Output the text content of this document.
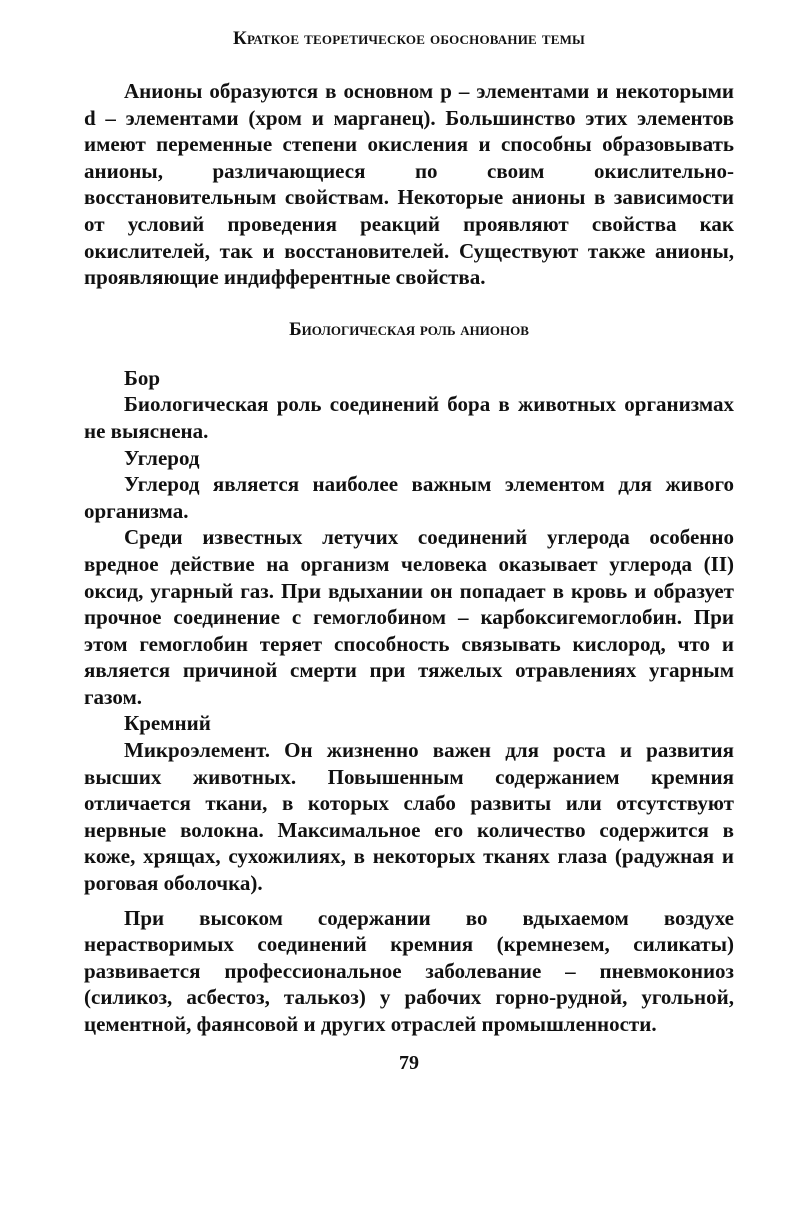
Краткое теоретическое обоснование темы

Анионы образуются в основном p – элементами и некоторыми d – элементами (хром и марганец). Большинство этих элементов имеют переменные степени окисления и способны образовывать анионы, различающиеся по своим окислительно-восстановительным свойствам. Некоторые анионы в зависимости от условий проведения реакций проявляют свойства как окислителей, так и восстановителей. Существуют также анионы, проявляющие индифферентные свойства.

Биологическая роль анионов
Бор

Биологическая роль соединений бора в животных организмах не выяснена.

Углерод

Углерод является наиболее важным элементом для живого организма.

Среди известных летучих соединений углерода особенно вредное действие на организм человека оказывает углерода (II) оксид, угарный газ. При вдыхании он попадает в кровь и образует прочное соединение с гемоглобином – карбоксигемоглобин. При этом гемоглобин теряет способность связывать кислород, что и является причиной смерти при тяжелых отравлениях угарным газом.

Кремний

Микроэлемент. Он жизненно важен для роста и развития высших животных. Повышенным содержанием кремния отличается ткани, в которых слабо развиты или отсутствуют нервные волокна. Максимальное его количество содержится в коже, хрящах, сухожилиях, в некоторых тканях глаза (радужная и роговая оболочка).

При высоком содержании во вдыхаемом воздухе нерастворимых соединений кремния (кремнезем, силикаты) развивается профессиональное заболевание – пневмокониоз (силикоз, асбестоз, талькоз) у рабочих горно-рудной, угольной, цементной, фаянсовой и других отраслей промышленности.

79
